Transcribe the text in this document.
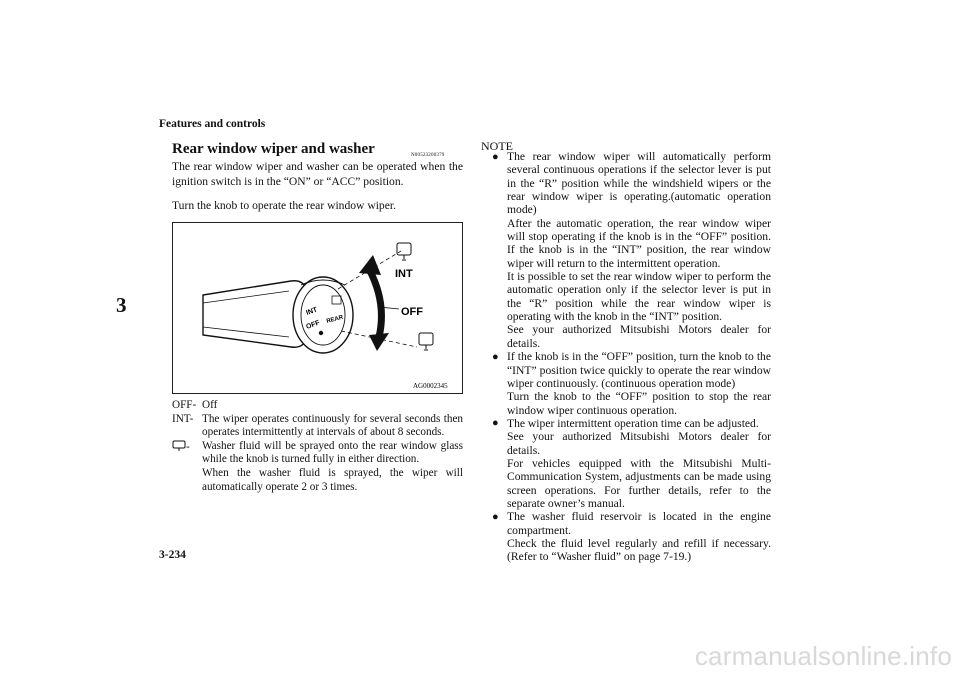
Features and controls
3
Rear window wiper and washer	N00523200379
The rear window wiper and washer can be operated when the ignition switch is in the “ON” or “ACC” position.
Turn the knob to operate the rear window wiper.
INT
OFF REAR
INT
OFF
AG0002345
OFF- Off
INT- The wiper operates continuously for several seconds then operates intermittently at intervals of about 8 seconds.
-	Washer fluid will be sprayed onto the rear window glass while the knob is turned fully in either direction.
When the washer fluid is sprayed, the wiper will automatically operate 2 or 3 times.
NOTE
● The rear window wiper will automatically perform several continuous operations if the selector lever is put in the “R” position while the windshield wipers or the rear window wiper is operating.(automatic operation mode)
After the automatic operation, the rear window wiper will stop operating if the knob is in the “OFF” position. If the knob is in the “INT” position, the rear window wiper will return to the intermittent operation.
It is possible to set the rear window wiper to perform the automatic operation only if the selector lever is put in the “R” position while the rear window wiper is operating with the knob in the “INT” position.
See your authorized Mitsubishi Motors dealer for details.
● If the knob is in the “OFF” position, turn the knob to the “INT” position twice quickly to operate the rear window wiper continuously. (continuous operation mode)
Turn the knob to the “OFF” position to stop the rear window wiper continuous operation.
● The wiper intermittent operation time can be adjusted.
See your authorized Mitsubishi Motors dealer for details.
For vehicles equipped with the Mitsubishi Multi-Communication System, adjustments can be made using screen operations. For further details, refer to the separate owner’s manual.
● The washer fluid reservoir is located in the engine compartment.
Check the fluid level regularly and refill if necessary. (Refer to “Washer fluid” on page 7-19.)
3-234
carmanualsonline.info
